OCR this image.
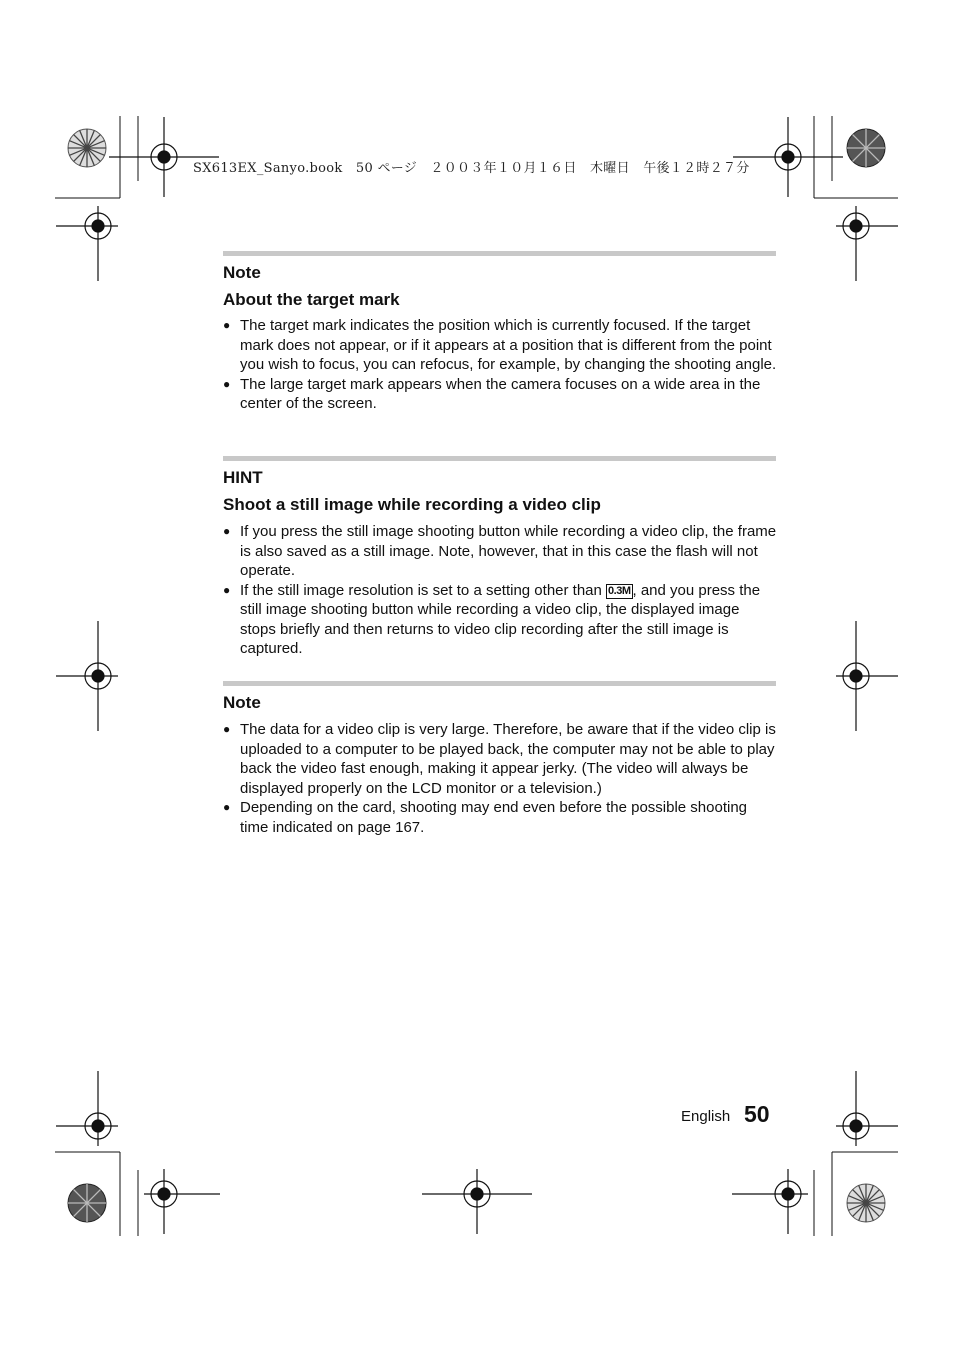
SX613EX_Sanyo.book　50 ページ　２００３年１０月１６日　木曜日　午後１２時２７分
Note
About the target mark
● The target mark indicates the position which is currently focused. If the target mark does not appear, or if it appears at a position that is different from the point you wish to focus, you can refocus, for example, by changing the shooting angle.
● The large target mark appears when the camera focuses on a wide area in the center of the screen.
HINT
Shoot a still image while recording a video clip
● If you press the still image shooting button while recording a video clip, the frame is also saved as a still image. Note, however, that in this case the flash will not operate.
● If the still image resolution is set to a setting other than 0.3M , and you press the still image shooting button while recording a video clip, the displayed image stops briefly and then returns to video clip recording after the still image is captured.
Note
● The data for a video clip is very large. Therefore, be aware that if the video clip is uploaded to a computer to be played back, the computer may not be able to play back the video fast enough, making it appear jerky. (The video will always be displayed properly on the LCD monitor or a television.)
● Depending on the card, shooting may end even before the possible shooting time indicated on page 167.
English 50
